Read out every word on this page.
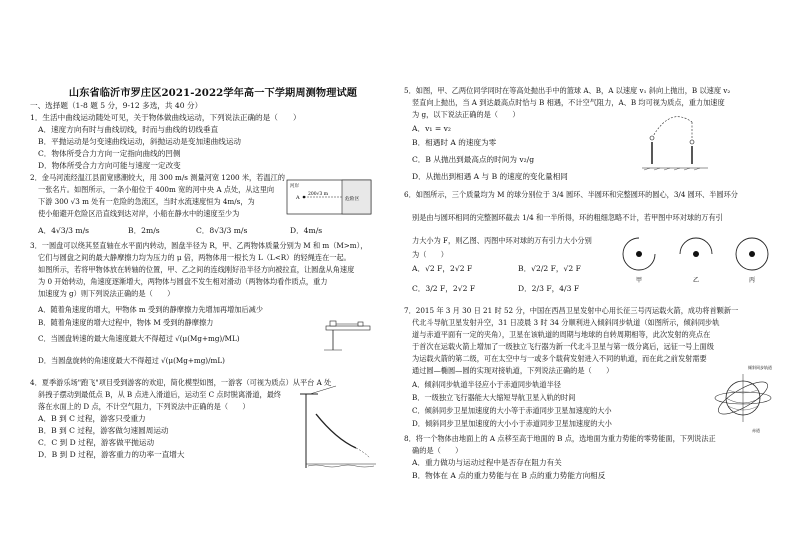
山东省临沂市罗庄区2021-2022学年高一下学期周测物理试题
一、选择题（1-8 题 5 分，9-12 多选，共 40 分）
1．生活中曲线运动随处可见，关于物体做曲线运动，下列说法正确的是（　　）
A．速度方向有时与曲线切线，时而与曲线的切线垂直
B．平抛运动是匀变速曲线运动，斜抛运动是变加速曲线运动
C．物体所受合力方向一定指向曲线的凹侧
D．物体所受合力方向可能与速度一定改变
2．金马河流经温江县面宽感潮较大，用 300 m/s 测量河宽 1200 米，若温江的
一张名片。如图所示，一条小船位于 400m 宽的河中央 A 点处，从这里向
下游 300 √3 m 处有一危险的急流区，当时水流速度恒为 4m/s，为
使小船避开危险区沿直线到达对岸，小船在静水中的速度至少为
A．4√3/3 m/s	B．2m/s	C．8√3/3 m/s	D．4m/s
A
河岸
200√3 m
危险区
3．一圆盘可以绕其竖直轴在水平面内转动，圆盘半径为 R，甲、乙两物体质量分别为 M 和 m（M>m），
它们与圆盘之间的最大静摩擦力均为压力的 μ 倍，两物体用一根长为 L（L<R）的轻绳连在一起。
如图所示，若将甲物体放在转轴的位置，甲、乙之间的连线刚好沿半径方向被拉直，让圆盘从角速度
为 0 开始转动，角速度逐渐增大，两物体与圆盘不发生相对滑动（两物体均看作质点，重力
加速度为 g）则下列说法正确的是（　　）
A．随着角速度的增大，甲物体 m 受到的静摩擦力先增加再增加后减少
B．随着角速度的增大过程中，物体 M 受到的静摩擦力
C．当圆盘转速的最大角速度最大不得超过 √(μ(Mg+mg)/ML)
D．当圆盘旋转的角速度最大不得超过 √(μ(Mg+mg)/mL)
4．夏季游乐场"跑飞"项目受到游客的欢迎，简化模型如图，一游客（可视为质点）从平台 A 处
斜拽子摆动到最低点 B，从 B 点进入滑道后，运动至 C 点时脱离滑道，最终
落在水面上的 D 点，不计空气阻力，下列说法中正确的是（　　）
A．B 到 C 过程，游客只受重力
B．B 到 C 过程，游客做匀速圆周运动
C．C 到 D 过程，游客做平抛运动
D．B 到 D 过程，游客重力的功率一直增大
5．如图，甲、乙两位同学同时在等高处抛出手中的篮球 A、B，A 以速度 v₁ 斜向上抛出，B 以速度 v₂
竖直向上抛出，当 A 到达最高点时恰与 B 相遇，不计空气阻力，A、B 均可视为质点，重力加速度
为 g，以下说法正确的是（　　）
A．v₁ = v₂
B．相遇时 A 的速度为零
C．B 从抛出到最高点的时间为 v₂/g
D．从抛出到相遇 A 与 B 的速度的变化量相同
6．如图所示，三个质量均为 M 的球分别位于 3/4 圆环、半圆环和完整圆环的圆心，3/4 圆环、半圆环分
别是由与圆环相同的完整圆环截去 1/4 和一半所得，环的粗细忽略不计，若甲图中环对球的万有引
力大小为 F，则乙图、丙图中环对球的万有引力大小分别
为（　　）
A．√2 F，2√2 F	B．√2/2 F，√2 F
C．3/2 F，2√2 F	D．2/3 F，4/3 F
甲	乙	丙
7．2015 年 3 月 30 日 21 时 52 分，中国在西昌卫星发射中心用长征三号丙运载火箭，成功将首颗新一
代北斗导航卫星发射升空，31 日凌晨 3 时 34 分顺利进入倾斜同步轨道（如图所示，倾斜同步轨
道与赤道平面有一定的夹角），卫星在该轨道的周期与地球的自转周期相等，此次发射的亮点在
于首次在运载火箭上增加了一级独立飞行器为新一代北斗卫星与第一级分离后，远征一号上面级
为运载火箭的第二级，可在太空中与一或多个载荷发射进入不同的轨道，而在此之前发射需要
通过圆—椭圆—圆的实现对接轨道，下列说法正确的是（　　）
A．倾斜同步轨道半径应小于赤道同步轨道半径
B．一级独立飞行器能大大缩短导航卫星入轨的时间
C．倾斜同步卫星加速度的大小等于赤道同步卫星加速度的大小
D．倾斜同步卫星加速度的大小小于赤道同步卫星加速度的大小
倾斜同步轨道
赤道
8．将一个物体由地面上的 A 点移至高于地面的 B 点，选地面为重力势能的零势能面，下列说法正
确的是（　　）
A．重力做功与运动过程中是否存在阻力有关
B．物体在 A 点的重力势能与在 B 点的重力势能方向相反
